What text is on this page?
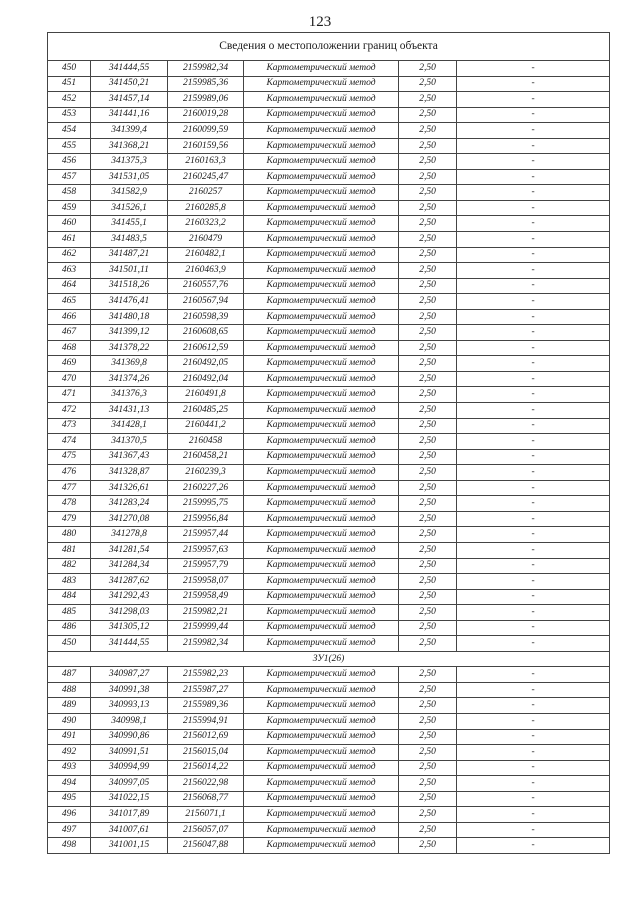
123
Сведения о местоположении границ объекта					
450	341444,55	2159982,34	Картометрический метод	2,50	-
451	341450,21	2159985,36	Картометрический метод	2,50	-
452	341457,14	2159989,06	Картометрический метод	2,50	-
453	341441,16	2160019,28	Картометрический метод	2,50	-
454	341399,4	2160099,59	Картометрический метод	2,50	-
455	341368,21	2160159,56	Картометрический метод	2,50	-
456	341375,3	2160163,3	Картометрический метод	2,50	-
457	341531,05	2160245,47	Картометрический метод	2,50	-
458	341582,9	2160257	Картометрический метод	2,50	-
459	341526,1	2160285,8	Картометрический метод	2,50	-
460	341455,1	2160323,2	Картометрический метод	2,50	-
461	341483,5	2160479	Картометрический метод	2,50	-
462	341487,21	2160482,1	Картометрический метод	2,50	-
463	341501,11	2160463,9	Картометрический метод	2,50	-
464	341518,26	2160557,76	Картометрический метод	2,50	-
465	341476,41	2160567,94	Картометрический метод	2,50	-
466	341480,18	2160598,39	Картометрический метод	2,50	-
467	341399,12	2160608,65	Картометрический метод	2,50	-
468	341378,22	2160612,59	Картометрический метод	2,50	-
469	341369,8	2160492,05	Картометрический метод	2,50	-
470	341374,26	2160492,04	Картометрический метод	2,50	-
471	341376,3	2160491,8	Картометрический метод	2,50	-
472	341431,13	2160485,25	Картометрический метод	2,50	-
473	341428,1	2160441,2	Картометрический метод	2,50	-
474	341370,5	2160458	Картометрический метод	2,50	-
475	341367,43	2160458,21	Картометрический метод	2,50	-
476	341328,87	2160239,3	Картометрический метод	2,50	-
477	341326,61	2160227,26	Картометрический метод	2,50	-
478	341283,24	2159995,75	Картометрический метод	2,50	-
479	341270,08	2159956,84	Картометрический метод	2,50	-
480	341278,8	2159957,44	Картометрический метод	2,50	-
481	341281,54	2159957,63	Картометрический метод	2,50	-
482	341284,34	2159957,79	Картометрический метод	2,50	-
483	341287,62	2159958,07	Картометрический метод	2,50	-
484	341292,43	2159958,49	Картометрический метод	2,50	-
485	341298,03	2159982,21	Картометрический метод	2,50	-
486	341305,12	2159999,44	Картометрический метод	2,50	-
450	341444,55	2159982,34	Картометрический метод	2,50	-
ЗУ1(26)					
487	340987,27	2155982,23	Картометрический метод	2,50	-
488	340991,38	2155987,27	Картометрический метод	2,50	-
489	340993,13	2155989,36	Картометрический метод	2,50	-
490	340998,1	2155994,91	Картометрический метод	2,50	-
491	340990,86	2156012,69	Картометрический метод	2,50	-
492	340991,51	2156015,04	Картометрический метод	2,50	-
493	340994,99	2156014,22	Картометрический метод	2,50	-
494	340997,05	2156022,98	Картометрический метод	2,50	-
495	341022,15	2156068,77	Картометрический метод	2,50	-
496	341017,89	2156071,1	Картометрический метод	2,50	-
497	341007,61	2156057,07	Картометрический метод	2,50	-
498	341001,15	2156047,88	Картометрический метод	2,50	-
